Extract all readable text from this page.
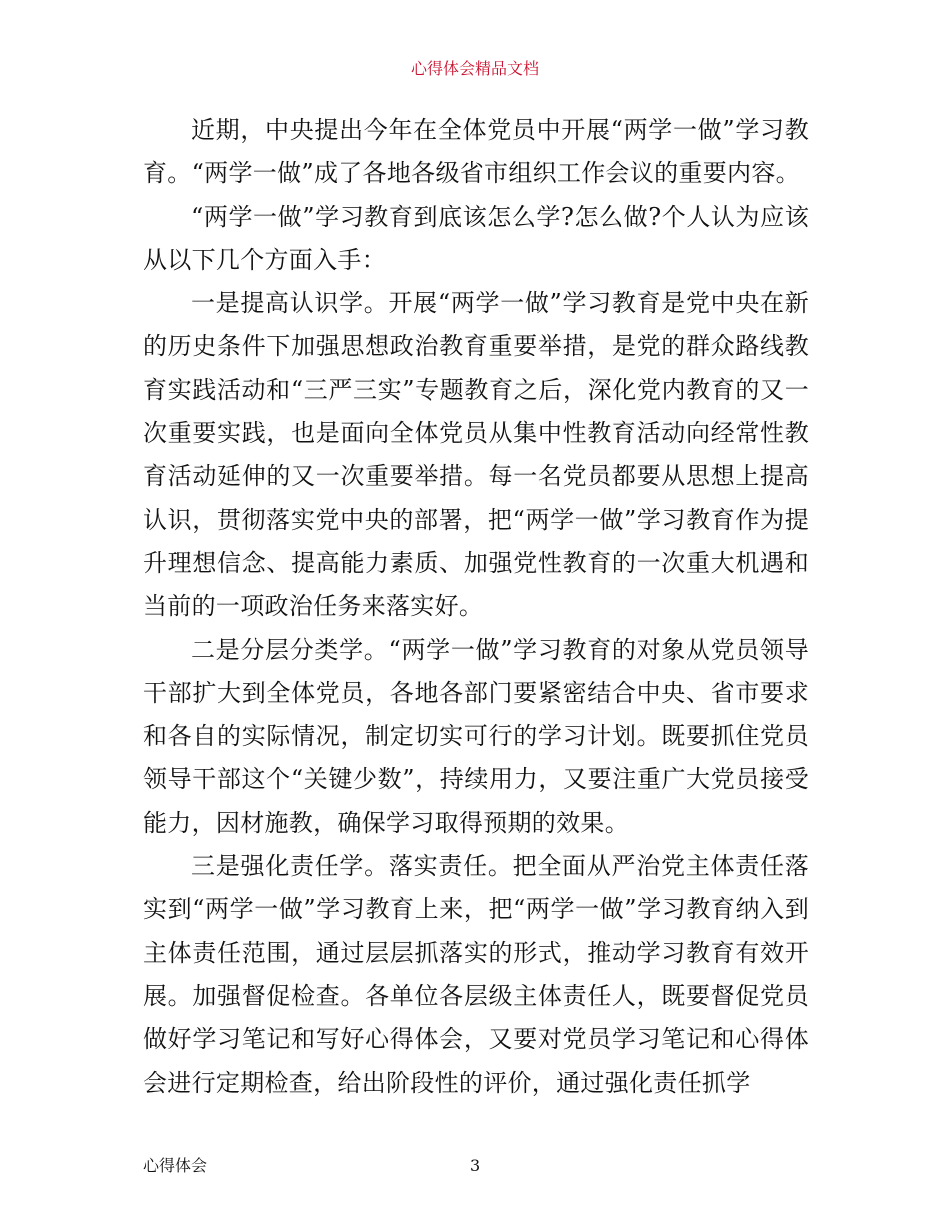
心得体会精品文档

近期，中央提出今年在全体党员中开展“两学一做”学习教育。“两学一做”成了各地各级省市组织工作会议的重要内容。

“两学一做”学习教育到底该怎么学?怎么做?个人认为应该从以下几个方面入手：

一是提高认识学。开展“两学一做”学习教育是党中央在新的历史条件下加强思想政治教育重要举措，是党的群众路线教育实践活动和“三严三实”专题教育之后，深化党内教育的又一次重要实践，也是面向全体党员从集中性教育活动向经常性教育活动延伸的又一次重要举措。每一名党员都要从思想上提高认识，贯彻落实党中央的部署，把“两学一做”学习教育作为提升理想信念、提高能力素质、加强党性教育的一次重大机遇和当前的一项政治任务来落实好。

二是分层分类学。“两学一做”学习教育的对象从党员领导干部扩大到全体党员，各地各部门要紧密结合中央、省市要求和各自的实际情况，制定切实可行的学习计划。既要抓住党员领导干部这个“关键少数”，持续用力，又要注重广大党员接受能力，因材施教，确保学习取得预期的效果。

三是强化责任学。落实责任。把全面从严治党主体责任落实到“两学一做”学习教育上来，把“两学一做”学习教育纳入到主体责任范围，通过层层抓落实的形式，推动学习教育有效开展。加强督促检查。各单位各层级主体责任人，既要督促党员做好学习笔记和写好心得体会，又要对党员学习笔记和心得体会进行定期检查，给出阶段性的评价，通过强化责任抓学

心得体会	3
